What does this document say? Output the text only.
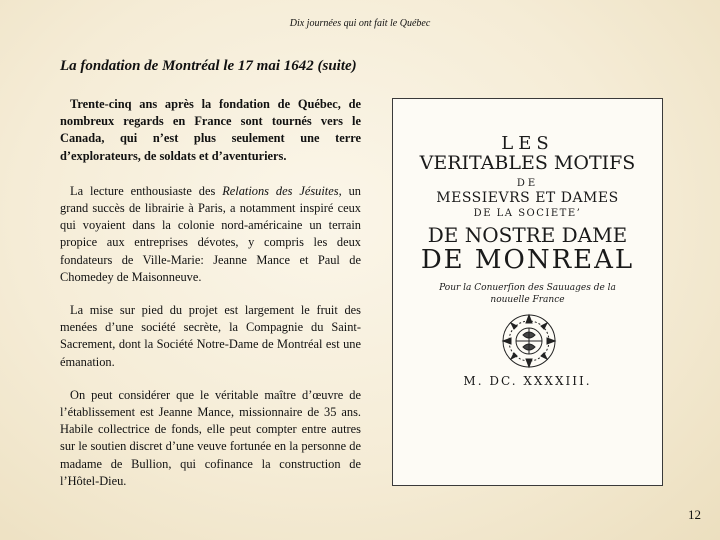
Dix journées qui ont fait le Québec
La fondation de Montréal le 17 mai 1642 (suite)

Trente-cinq ans après la fondation de Québec, de nombreux regards en France sont tournés vers le Canada, qui n’est plus seulement une terre d’explorateurs, de soldats et d’aventuriers.

La lecture enthousiaste des Relations des Jésuites, un grand succès de librairie à Paris, a notamment inspiré ceux qui voyaient dans la colonie nord-américaine un terrain propice aux entreprises dévotes, y compris les deux fondateurs de Ville-Marie: Jeanne Mance et Paul de Chomedey de Maisonneuve.

La mise sur pied du projet est largement le fruit des menées d’une société secrète, la Compagnie du Saint-Sacrement, dont la Société Notre-Dame de Montréal est une émanation.

On peut considérer que le véritable maître d’œuvre de l’établissement est Jeanne Mance, missionnaire de 35 ans. Habile collectrice de fonds, elle peut compter entre autres sur le soutien discret d’une veuve fortunée en la personne de madame de Bullion, qui cofinance la construction de l’Hôtel-Dieu.

LES
VERITABLES MOTIFS
DE
MESSIEVRS ET DAMES
DE LA SOCIETE’
DE NOSTRE DAME
DE MONREAL
Pour la Conuerſion des Sauuages de la
nouuelle France
M. DC. XXXXIII.
12
